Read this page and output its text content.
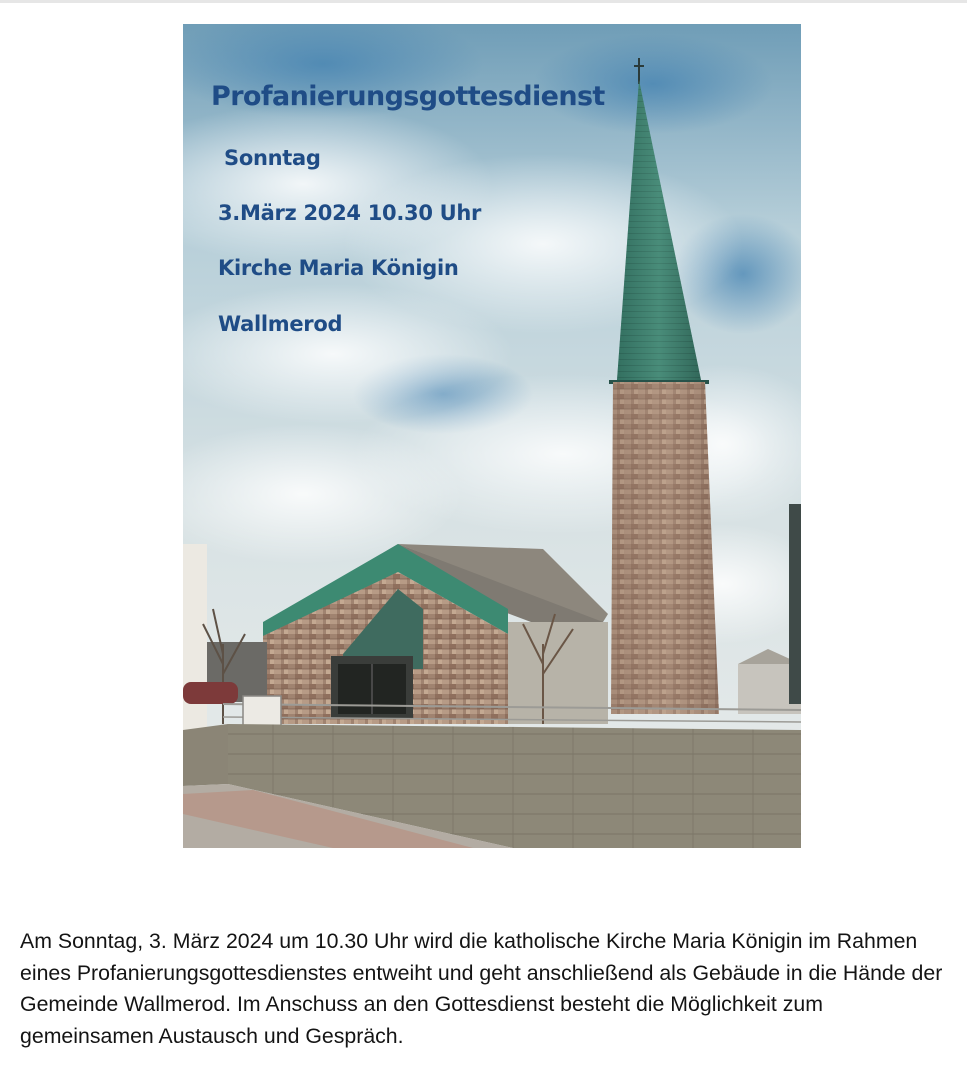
Profanierungsgottesdienst
Sonntag
3.März 2024 10.30 Uhr
Kirche Maria Königin
Wallmerod

Am Sonntag, 3. März 2024 um 10.30 Uhr wird die katholische Kirche Maria Königin im Rahmen eines Profanierungsgottesdienstes entweiht und geht anschließend als Gebäude in die Hände der Gemeinde Wallmerod. Im Anschuss an den Gottesdienst besteht die Möglichkeit zum gemeinsamen Austausch und Gespräch.
